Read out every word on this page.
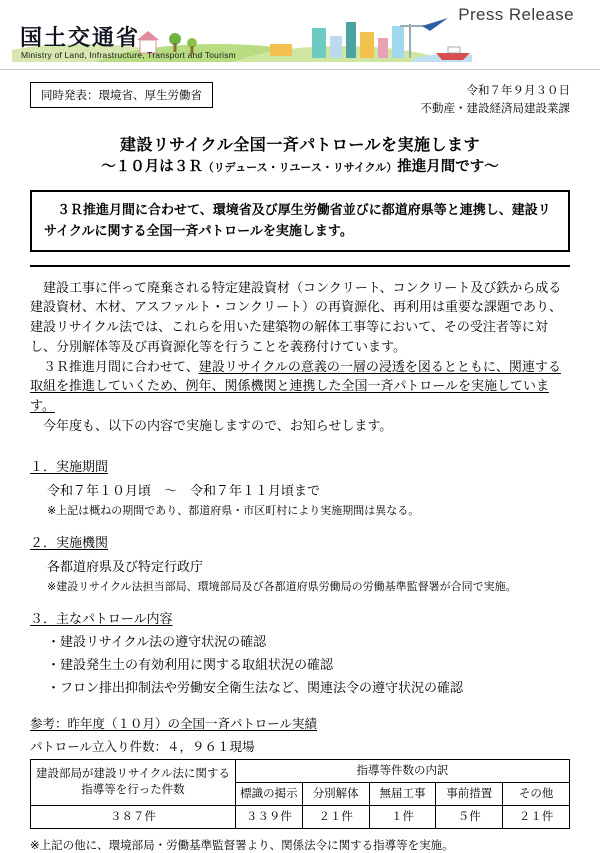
Press Release
国土交通省
Ministry of Land, Infrastructure, Transport and Tourism
同時発表：環境省、厚生労働省	令和７年９月３０日
不動産・建設経済局建設業課
建設リサイクル全国一斉パトロールを実施します
～１０月は３Ｒ（リデュース・リユース・リサイクル）推進月間です～
３Ｒ推進月間に合わせて、環境省及び厚生労働省並びに都道府県等と連携し、建設リサイクルに関する全国一斉パトロールを実施します。

建設工事に伴って廃棄される特定建設資材（コンクリート、コンクリート及び鉄から成る建設資材、木材、アスファルト・コンクリート）の再資源化、再利用は重要な課題であり、建設リサイクル法では、これらを用いた建築物の解体工事等において、その受注者等に対し、分別解体等及び再資源化等を行うことを義務付けています。

３Ｒ推進月間に合わせて、建設リサイクルの意義の一層の浸透を図るとともに、関連する取組を推進していくため、例年、関係機関と連携した全国一斉パトロールを実施しています。

今年度も、以下の内容で実施しますので、お知らせします。

１．実施期間
令和７年１０月頃　～　令和７年１１月頃まで
※上記は概ねの期間であり、都道府県・市区町村により実施期間は異なる。
２．実施機関
各都道府県及び特定行政庁
※建設リサイクル法担当部局、環境部局及び各都道府県労働局の労働基準監督署が合同で実施。
３．主なパトロール内容
・建設リサイクル法の遵守状況の確認
・建設発生土の有効利用に関する取組状況の確認
・フロン排出抑制法や労働安全衛生法など、関連法令の遵守状況の確認
参考：昨年度（１０月）の全国一斉パトロール実績
パトロール立入り件数：４，９６１現場
建設部局が建設リサイクル法に関する指導等を行った件数	指導等件数の内訳				
	標識の掲示	分別解体	無届工事	事前措置	その他
３８７件	３３９件	２１件	１件	５件	２１件
※上記の他に、環境部局・労働基準監督署より、関係法令に関する指導等を実施。
